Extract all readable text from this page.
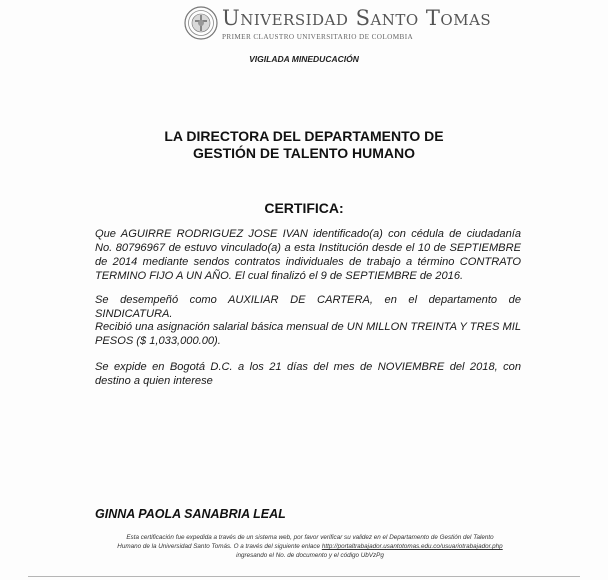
Universidad Santo Tomas
PRIMER CLAUSTRO UNIVERSITARIO DE COLOMBIA
VIGILADA MINEDUCACIÓN
LA DIRECTORA DEL DEPARTAMENTO DE
GESTIÓN DE TALENTO HUMANO
CERTIFICA:

Que AGUIRRE RODRIGUEZ JOSE IVAN identificado(a) con cédula de ciudadanía No. 80796967 de estuvo vinculado(a) a esta Institución desde el 10 de SEPTIEMBRE de 2014 mediante sendos contratos individuales de trabajo a término CONTRATO TERMINO FIJO A UN AÑO. El cual finalizó el 9 de SEPTIEMBRE de 2016.

Se desempeñó como AUXILIAR DE CARTERA, en el departamento de SINDICATURA.

Recibió una asignación salarial básica mensual de UN MILLON TREINTA Y TRES MIL PESOS ($ 1,033,000.00).

Se expide en Bogotá D.C. a los 21 días del mes de NOVIEMBRE del 2018, con destino a quien interese

GINNA PAOLA SANABRIA LEAL
Esta certificación fue expedida a través de un sistema web, por favor verificar su validez en el Departamento de Gestión del Talento
Humano de la Universidad Santo Tomás. O a través del siguiente enlace http://portaltrabajador.usantotomas.edu.co/usuariotrabajador.php
ingresando el No. de documento y el código UbVzPg
